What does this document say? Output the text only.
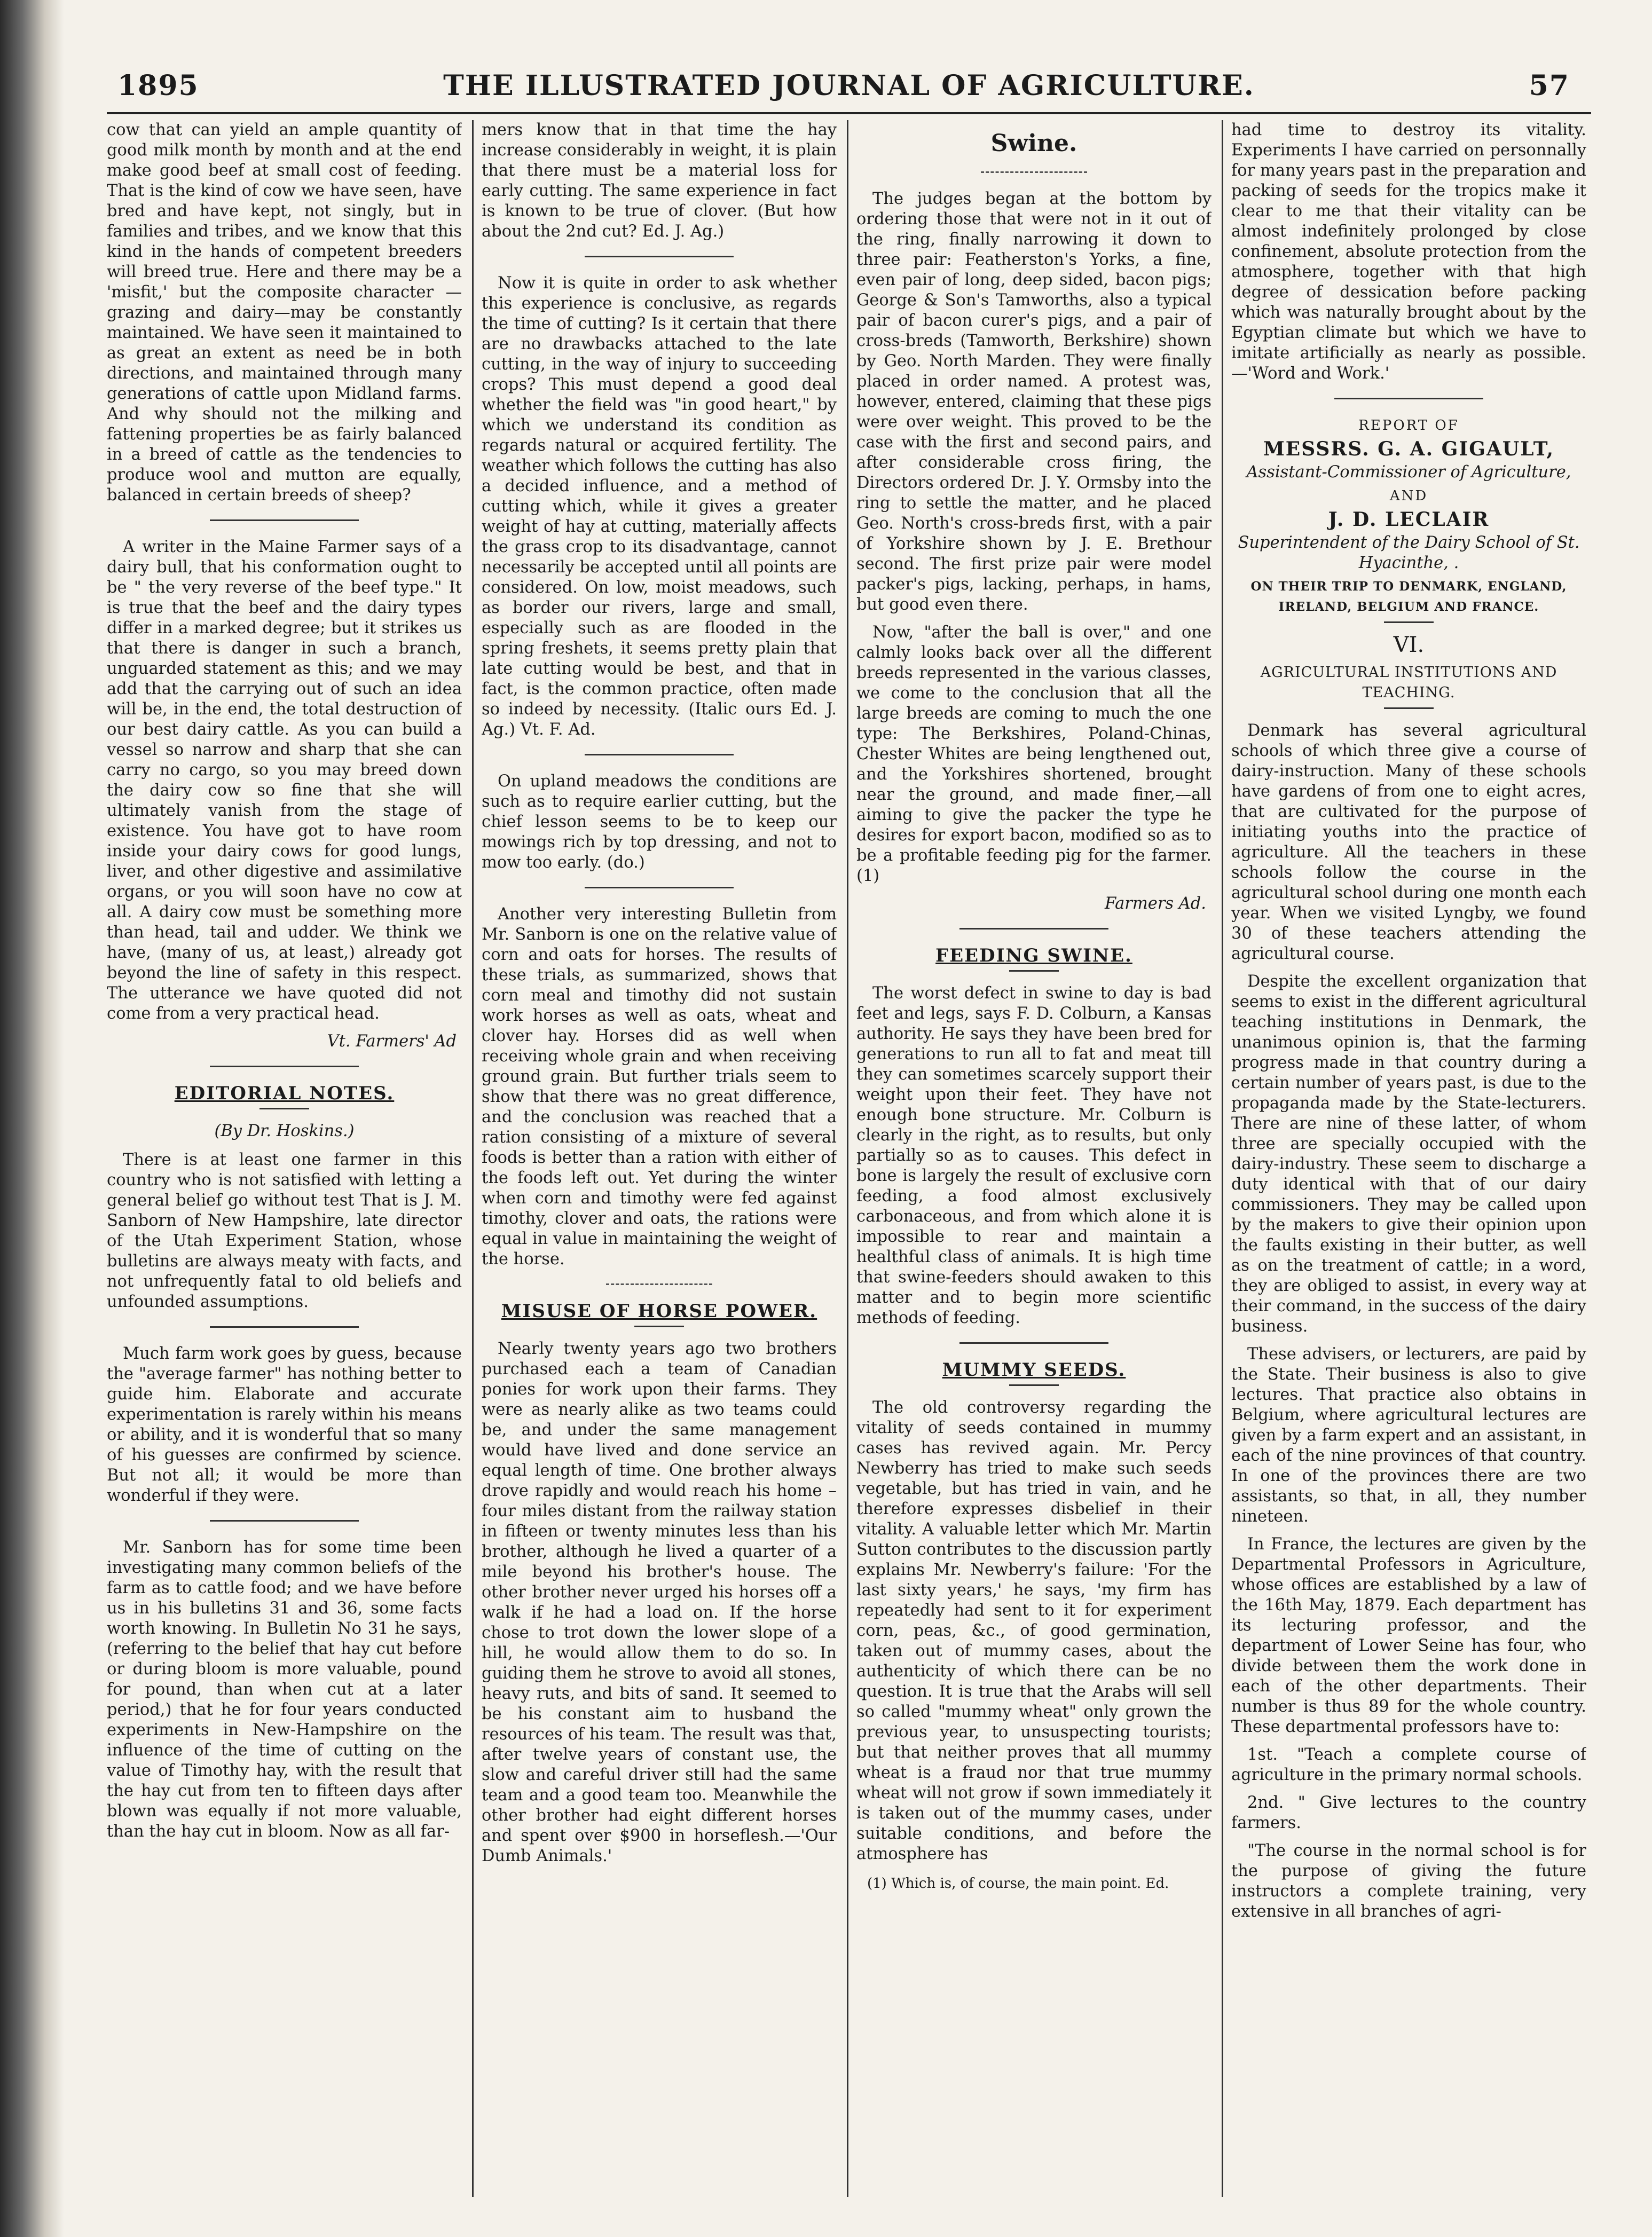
1895	THE ILLUSTRATED JOURNAL OF AGRICULTURE.	57

cow that can yield an ample quantity of good milk month by month and at the end make good beef at small cost of feeding. That is the kind of cow we have seen, have bred and have kept, not singly, but in families and tribes, and we know that this kind in the hands of competent breeders will breed true. Here and there may be a 'misfit,' but the composite character —grazing and dairy—may be constantly maintained. We have seen it maintained to as great an extent as need be in both directions, and maintained through many generations of cattle upon Midland farms. And why should not the milking and fattening properties be as fairly balanced in a breed of cattle as the tendencies to produce wool and mutton are equally, balanced in certain breeds of sheep?

A writer in the Maine Farmer says of a dairy bull, that his conformation ought to be " the very reverse of the beef type." It is true that the beef and the dairy types differ in a marked degree; but it strikes us that there is danger in such a branch, unguarded statement as this; and we may add that the carrying out of such an idea will be, in the end, the total destruction of our best dairy cattle. As you can build a vessel so narrow and sharp that she can carry no cargo, so you may breed down the dairy cow so fine that she will ultimately vanish from the stage of existence. You have got to have room inside your dairy cows for good lungs, liver, and other digestive and assimilative organs, or you will soon have no cow at all. A dairy cow must be something more than head, tail and udder. We think we have, (many of us, at least,) already got beyond the line of safety in this respect. The utterance we have quoted did not come from a very practical head.

Vt. Farmers' Ad
EDITORIAL NOTES.
(By Dr. Hoskins.)

There is at least one farmer in this country who is not satisfied with letting a general belief go without test That is J. M. Sanborn of New Hampshire, late director of the Utah Experiment Station, whose bulletins are always meaty with facts, and not unfrequently fatal to old beliefs and unfounded assumptions.

Much farm work goes by guess, because the "average farmer" has nothing better to guide him. Elaborate and accurate experimentation is rarely within his means or ability, and it is wonderful that so many of his guesses are confirmed by science. But not all; it would be more than wonderful if they were.

Mr. Sanborn has for some time been investigating many common beliefs of the farm as to cattle food; and we have before us in his bulletins 31 and 36, some facts worth knowing. In Bulletin No 31 he says, (referring to the belief that hay cut before or during bloom is more valuable, pound for pound, than when cut at a later period,) that he for four years conducted experiments in New-Hampshire on the influence of the time of cutting on the value of Timothy hay, with the result that the hay cut from ten to fifteen days after blown was equally if not more valuable, than the hay cut in bloom. Now as all far-

mers know that in that time the hay increase considerably in weight, it is plain that there must be a material loss for early cutting. The same experience in fact is known to be true of clover. (But how about the 2nd cut? Ed. J. Ag.)

Now it is quite in order to ask whether this experience is conclusive, as regards the time of cutting? Is it certain that there are no drawbacks attached to the late cutting, in the way of injury to succeeding crops? This must depend a good deal whether the field was "in good heart," by which we understand its condition as regards natural or acquired fertility. The weather which follows the cutting has also a decided influence, and a method of cutting which, while it gives a greater weight of hay at cutting, materially affects the grass crop to its disadvantage, cannot necessarily be accepted until all points are considered. On low, moist meadows, such as border our rivers, large and small, especially such as are flooded in the spring freshets, it seems pretty plain that late cutting would be best, and that in fact, is the common practice, often made so indeed by necessity. (Italic ours Ed. J. Ag.) Vt. F. Ad.

On upland meadows the conditions are such as to require earlier cutting, but the chief lesson seems to be to keep our mowings rich by top dressing, and not to mow too early. (do.)

Another very interesting Bulletin from Mr. Sanborn is one on the relative value of corn and oats for horses. The results of these trials, as summarized, shows that corn meal and timothy did not sustain work horses as well as oats, wheat and clover hay. Horses did as well when receiving whole grain and when receiving ground grain. But further trials seem to show that there was no great difference, and the conclusion was reached that a ration consisting of a mixture of several foods is better than a ration with either of the foods left out. Yet during the winter when corn and timothy were fed against timothy, clover and oats, the rations were equal in value in maintaining the weight of the horse.

MISUSE OF HORSE POWER.

Nearly twenty years ago two brothers purchased each a team of Canadian ponies for work upon their farms. They were as nearly alike as two teams could be, and under the same management would have lived and done service an equal length of time. One brother always drove rapidly and would reach his home – four miles distant from the railway station in fifteen or twenty minutes less than his brother, although he lived a quarter of a mile beyond his brother's house. The other brother never urged his horses off a walk if he had a load on. If the horse chose to trot down the lower slope of a hill, he would allow them to do so. In guiding them he strove to avoid all stones, heavy ruts, and bits of sand. It seemed to be his constant aim to husband the resources of his team. The result was that, after twelve years of constant use, the slow and careful driver still had the same team and a good team too. Meanwhile the other brother had eight different horses and spent over $900 in horseflesh.—'Our Dumb Animals.'

Swine.

The judges began at the bottom by ordering those that were not in it out of the ring, finally narrowing it down to three pair: Featherston's Yorks, a fine, even pair of long, deep sided, bacon pigs; George & Son's Tamworths, also a typical pair of bacon curer's pigs, and a pair of cross-breds (Tamworth, Berkshire) shown by Geo. North Marden. They were finally placed in order named. A protest was, however, entered, claiming that these pigs were over weight. This proved to be the case with the first and second pairs, and after considerable cross firing, the Directors ordered Dr. J. Y. Ormsby into the ring to settle the matter, and he placed Geo. North's cross-breds first, with a pair of Yorkshire shown by J. E. Brethour second. The first prize pair were model packer's pigs, lacking, perhaps, in hams, but good even there.

Now, "after the ball is over," and one calmly looks back over all the different breeds represented in the various classes, we come to the conclusion that all the large breeds are coming to much the one type: The Berkshires, Poland-Chinas, Chester Whites are being lengthened out, and the Yorkshires shortened, brought near the ground, and made finer,—all aiming to give the packer the type he desires for export bacon, modified so as to be a profitable feeding pig for the farmer. (1)

Farmers Ad.
FEEDING SWINE.

The worst defect in swine to day is bad feet and legs, says F. D. Colburn, a Kansas authority. He says they have been bred for generations to run all to fat and meat till they can sometimes scarcely support their weight upon their feet. They have not enough bone structure. Mr. Colburn is clearly in the right, as to results, but only partially so as to causes. This defect in bone is largely the result of exclusive corn feeding, a food almost exclusively carbonaceous, and from which alone it is impossible to rear and maintain a healthful class of animals. It is high time that swine-feeders should awaken to this matter and to begin more scientific methods of feeding.

MUMMY SEEDS.

The old controversy regarding the vitality of seeds contained in mummy cases has revived again. Mr. Percy Newberry has tried to make such seeds vegetable, but has tried in vain, and he therefore expresses disbelief in their vitality. A valuable letter which Mr. Martin Sutton contributes to the discussion partly explains Mr. Newberry's failure: 'For the last sixty years,' he says, 'my firm has repeatedly had sent to it for experiment corn, peas, &c., of good germination, taken out of mummy cases, about the authenticity of which there can be no question. It is true that the Arabs will sell so called "mummy wheat" only grown the previous year, to unsuspecting tourists; but that neither proves that all mummy wheat is a fraud nor that true mummy wheat will not grow if sown immediately it is taken out of the mummy cases, under suitable conditions, and before the atmosphere has

(1) Which is, of course, the main point. Ed.

had time to destroy its vitality. Experiments I have carried on personnally for many years past in the preparation and packing of seeds for the tropics make it clear to me that their vitality can be almost indefinitely prolonged by close confinement, absolute protection from the atmosphere, together with that high degree of dessication before packing which was naturally brought about by the Egyptian climate but which we have to imitate artificially as nearly as possible.—'Word and Work.'

REPORT OF
MESSRS. G. A. GIGAULT,
Assistant-Commissioner of Agriculture,
AND
J. D. LECLAIR
Superintendent of the Dairy School of St. Hyacinthe, .
ON THEIR TRIP TO DENMARK, ENGLAND, IRELAND, BELGIUM AND FRANCE.
VI.
AGRICULTURAL INSTITUTIONS AND TEACHING.

Denmark has several agricultural schools of which three give a course of dairy-instruction. Many of these schools have gardens of from one to eight acres, that are cultivated for the purpose of initiating youths into the practice of agriculture. All the teachers in these schools follow the course in the agricultural school during one month each year. When we visited Lyngby, we found 30 of these teachers attending the agricultural course.

Despite the excellent organization that seems to exist in the different agricultural teaching institutions in Denmark, the unanimous opinion is, that the farming progress made in that country during a certain number of years past, is due to the propaganda made by the State-lecturers. There are nine of these latter, of whom three are specially occupied with the dairy-industry. These seem to discharge a duty identical with that of our dairy commissioners. They may be called upon by the makers to give their opinion upon the faults existing in their butter, as well as on the treatment of cattle; in a word, they are obliged to assist, in every way at their command, in the success of the dairy business.

These advisers, or lecturers, are paid by the State. Their business is also to give lectures. That practice also obtains in Belgium, where agricultural lectures are given by a farm expert and an assistant, in each of the nine provinces of that country. In one of the provinces there are two assistants, so that, in all, they number nineteen.

In France, the lectures are given by the Departmental Professors in Agriculture, whose offices are established by a law of the 16th May, 1879. Each department has its lecturing professor, and the department of Lower Seine has four, who divide between them the work done in each of the other departments. Their number is thus 89 for the whole country. These departmental professors have to:

1st. "Teach a complete course of agriculture in the primary normal schools.

2nd. " Give lectures to the country farmers.

"The course in the normal school is for the purpose of giving the future instructors a complete training, very extensive in all branches of agri-
